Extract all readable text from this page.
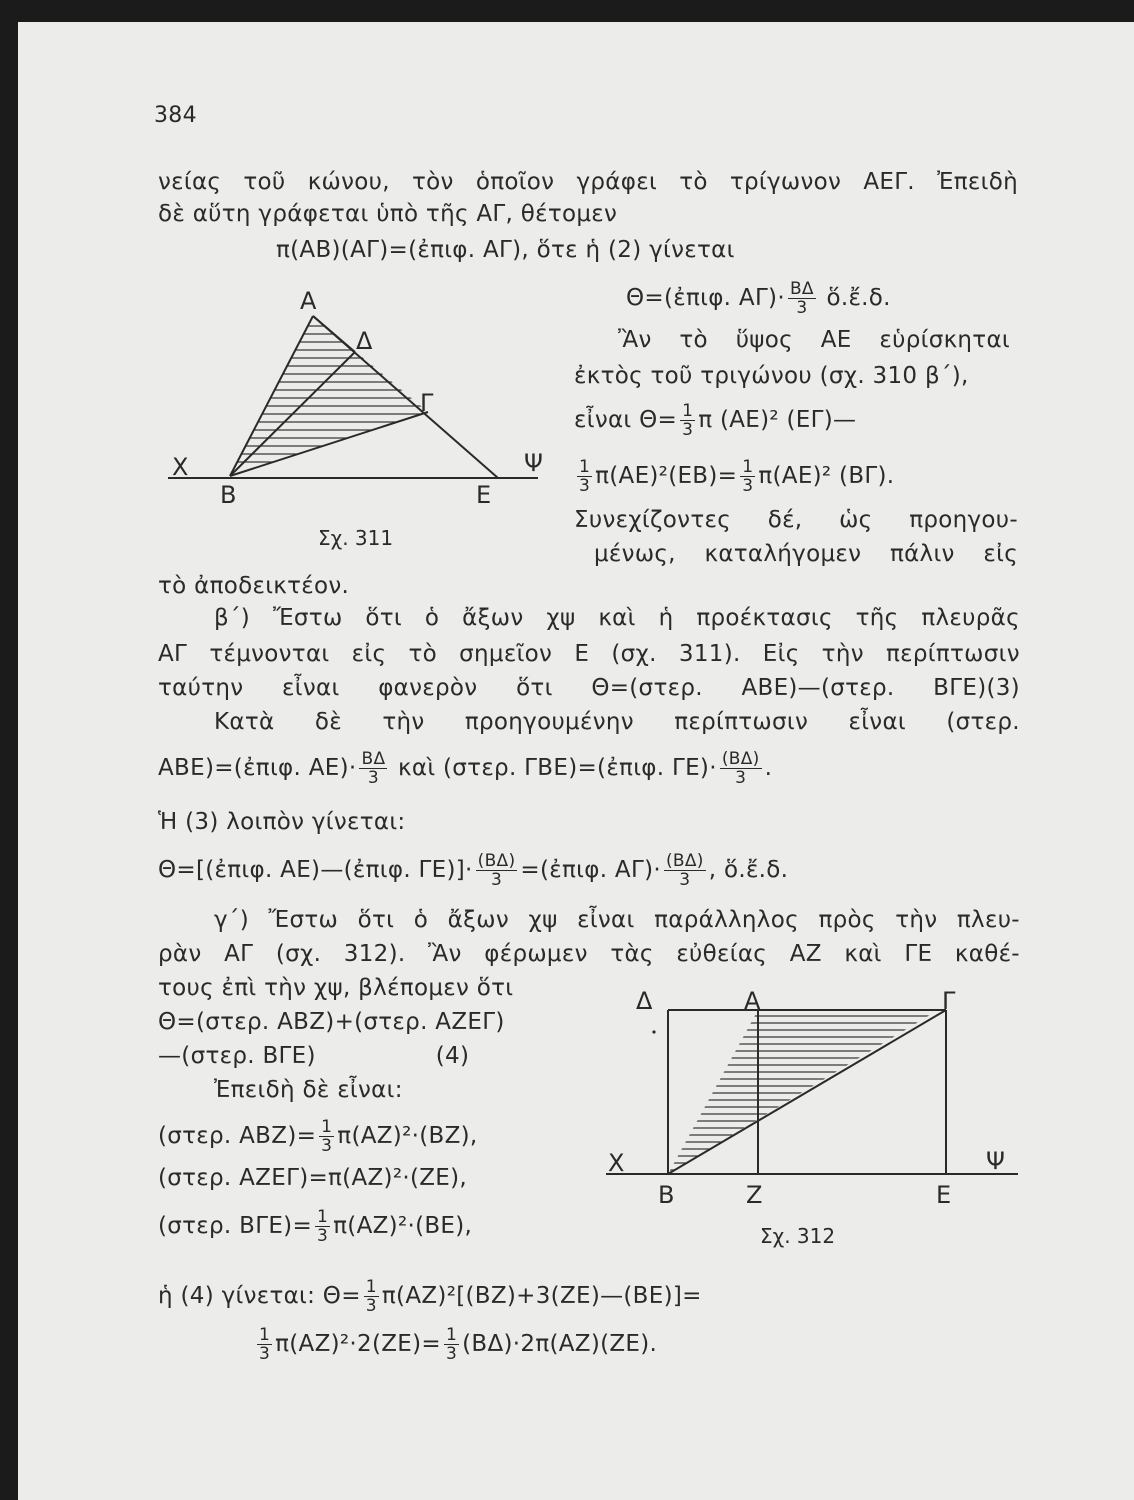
384
νείας τοῦ κώνου, τὸν ὁποῖον γράφει τὸ τρίγωνον ΑΕΓ. Ἐπειδὴ
δὲ αὕτη γράφεται ὑπὸ τῆς ΑΓ, θέτομεν
π(ΑΒ)(ΑΓ)=(ἐπιφ. ΑΓ), ὅτε ἡ (2) γίνεται
Θ=(ἐπιφ. $A\Gamma)\cdot \frac{B\Delta}{3}$ ὅ.ἔ.δ.
Ἂν τὸ ὕψος ΑΕ εὑρίσκηται
ἐκτὸς τοῦ τριγώνου (σχ. 310 β΄),
εἶναι $\Theta= \frac{1}{3}$ π (ΑΕ)² (ΕΓ)—
$\frac{1}{3} \pi(AE)^2(EB)= \frac{1}{3} \pi(AE)^2$ (ΒΓ).
Συνεχίζοντες δέ, ὡς προηγου-
μένως, καταλήγομεν πάλιν εἰς
τὸ ἀποδεικτέον.
β΄) Ἔστω ὅτι ὁ ἄξων χψ καὶ ἡ προέκτασις τῆς πλευρᾶς
ΑΓ τέμνονται εἰς τὸ σημεῖον Ε (σχ. 311). Εἰς τὴν περίπτωσιν
ταύτην εἶναι φανερὸν ὅτι Θ=(στερ. ΑΒΕ)—(στερ. ΒΓΕ)(3)
Κατὰ δὲ τὴν προηγουμένην περίπτωσιν εἶναι (στερ.
ΑΒΕ)=(ἐπιφ. $AE)\cdot \frac{B\Delta}{3}$ καὶ (στερ. ΓΒΕ)=(ἐπιφ. $\Gamma E)\cdot \frac{(B\Delta)}{3}$ .
Ἡ (3) λοιπὸν γίνεται:
Θ=[(ἐπιφ. ΑΕ)—(ἐπιφ. $\Gamma E)]\cdot \frac{(B\Delta)}{3}$ =(ἐπιφ. $A\Gamma)\cdot \frac{(B\Delta)}{3}$ , ὅ.ἔ.δ.
γ΄) Ἔστω ὅτι ὁ ἄξων χψ εἶναι παράλληλος πρὸς τὴν πλευ-
ρὰν ΑΓ (σχ. 312). Ἂν φέρωμεν τὰς εὐθείας ΑΖ καὶ ΓΕ καθέ-
τους ἐπὶ τὴν χψ, βλέπομεν ὅτι
Θ=(στερ. ΑΒΖ)+(στερ. ΑΖΕΓ)
—(στερ. ΒΓΕ)	(4)
Ἐπειδὴ δὲ εἶναι:
(στερ. $ABZ)= \frac{1}{3} \pi(AZ)^2\cdot(BZ)$,
(στερ. ΑΖΕΓ)=π(ΑΖ)²·(ΖΕ),
(στερ. $B\Gamma E)= \frac{1}{3} \pi(AZ)^2\cdot(BE)$,
ἡ (4) γίνεται: $\Theta= \frac{1}{3}$ π(ΑΖ)²[(ΒΖ)+3(ΖΕ)—(ΒΕ)]=
$\frac{1}{3} \pi(AZ)^2\cdot 2(ZE)= \frac{1}{3} (B\Delta)\cdot 2\pi(AZ)(ZE)$.
Α
Δ
Γ
Χ	Ψ
Β	Ε
Σχ. 311
Δ	Α	Γ
Χ	Ψ
Β	Ζ	Ε
Σχ. 312
